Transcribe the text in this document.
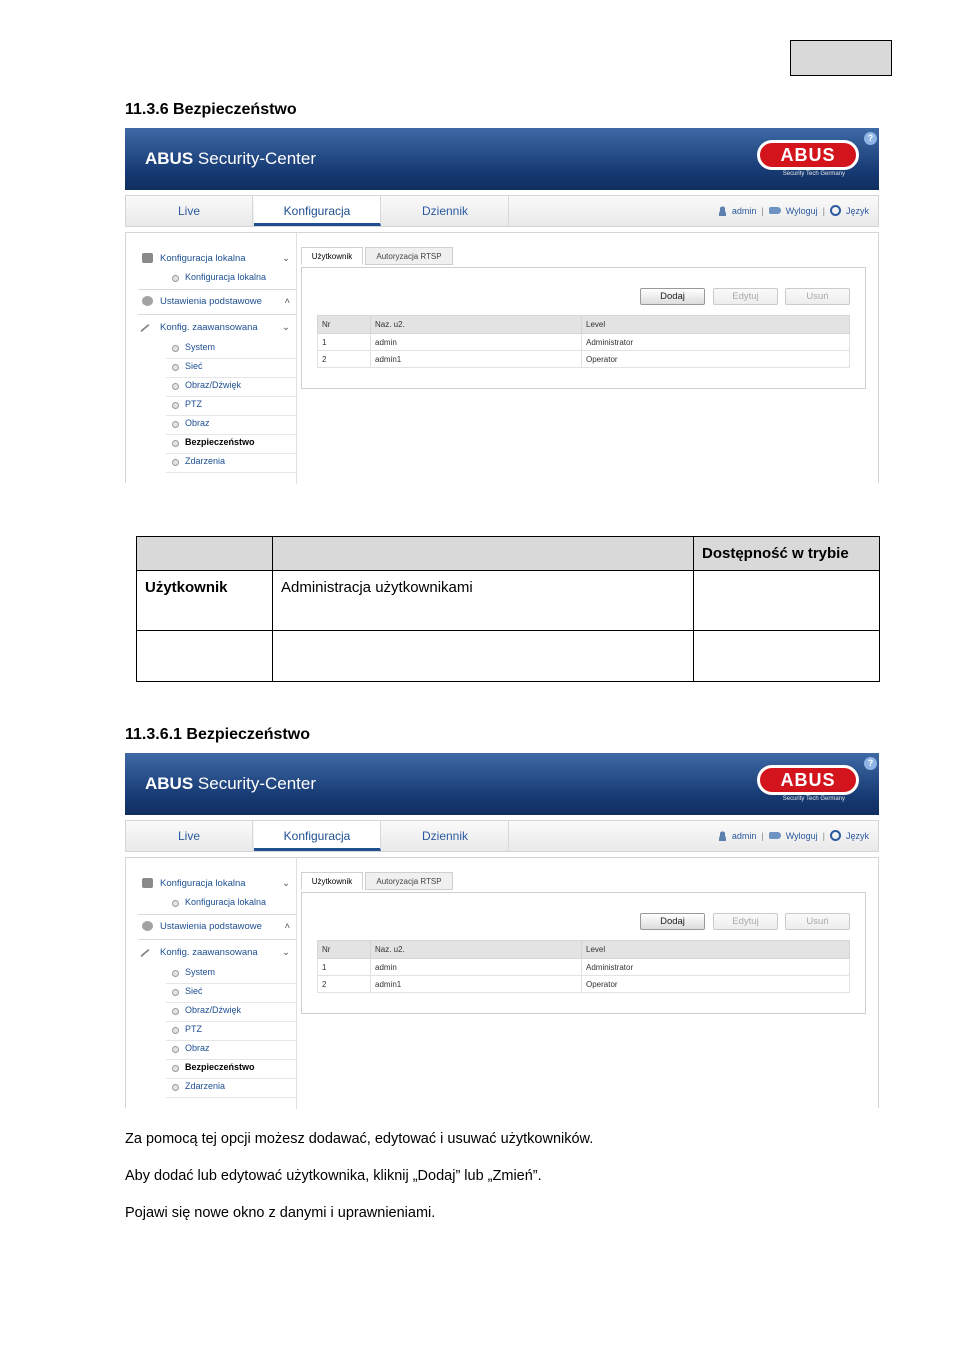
11.3.6 Bezpieczeństwo
ABUS Security-Center	ABUS
Security Tech Germany
?
Live	Konfiguracja	Dziennik	admin | Wyloguj | Język
Konfiguracja lokalna	⌄
Konfiguracja lokalna
Ustawienia podstawowe ˄
Konfig. zaawansowana	⌄
System
Sieć
Obraz/Dźwięk
PTZ
Obraz
Bezpieczeństwo
Zdarzenia
Użytkownik	Autoryzacja RTSP
Dodaj	Edytuj	Usuń
Nr	Naz. u2.	Level
1	admin	Administrator
2	admin1	Operator
		Dostępność w trybie
Użytkownik	Administracja użytkownikami	

11.3.6.1 Bezpieczeństwo
ABUS Security-Center	ABUS
Security Tech Germany
?
Live	Konfiguracja	Dziennik	admin | Wyloguj | Język
Konfiguracja lokalna	⌄
Konfiguracja lokalna
Ustawienia podstawowe ˄
Konfig. zaawansowana	⌄
System
Sieć
Obraz/Dźwięk
PTZ
Obraz
Bezpieczeństwo
Zdarzenia
Użytkownik	Autoryzacja RTSP
Dodaj	Edytuj	Usuń
Nr	Naz. u2.	Level
1	admin	Administrator
2	admin1	Operator
Za pomocą tej opcji możesz dodawać, edytować i usuwać użytkowników.
Aby dodać lub edytować użytkownika, kliknij „Dodaj” lub „Zmień”.
Pojawi się nowe okno z danymi i uprawnieniami.
